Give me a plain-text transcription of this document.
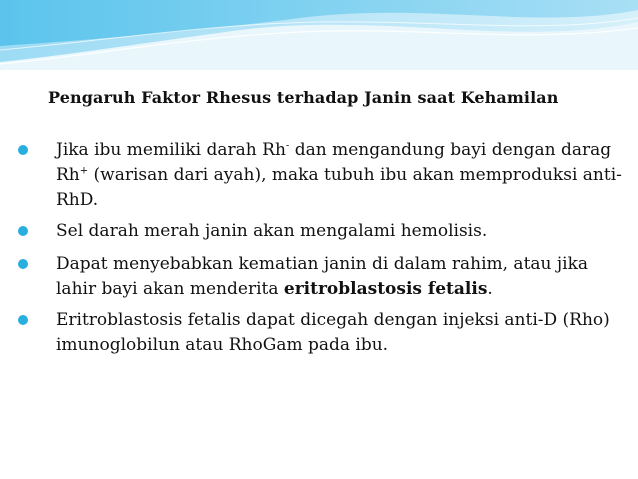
Pengaruh Faktor Rhesus terhadap Janin saat Kehamilan
Jika ibu memiliki darah Rh- dan mengandung bayi dengan darag Rh+ (warisan dari ayah), maka tubuh ibu akan memproduksi anti-RhD.
Sel darah merah janin akan mengalami hemolisis.
Dapat menyebabkan kematian janin di dalam rahim, atau jika lahir bayi akan menderita eritroblastosis fetalis.
Eritroblastosis fetalis dapat dicegah dengan injeksi anti-D (Rho) imunoglobilun atau RhoGam pada ibu.
